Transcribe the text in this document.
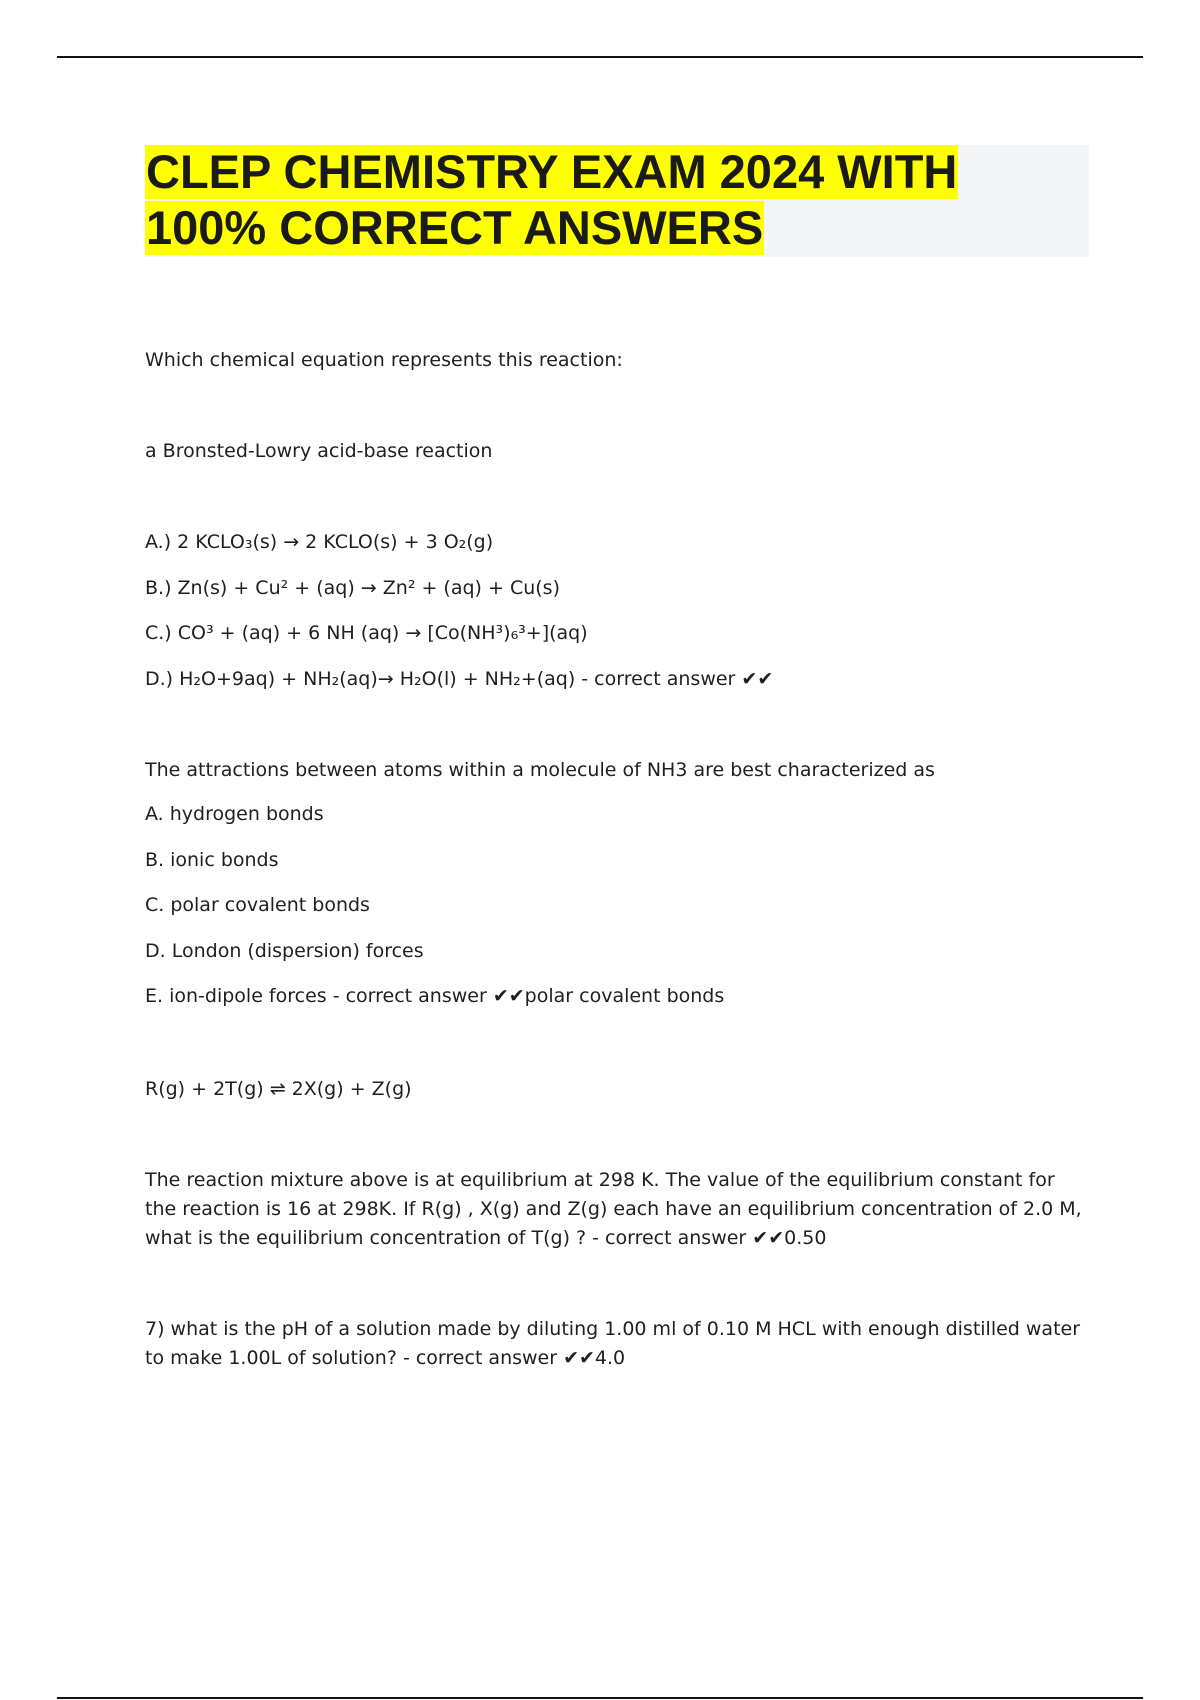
CLEP CHEMISTRY EXAM 2024 WITH
100% CORRECT ANSWERS

Which chemical equation represents this reaction:

a Bronsted-Lowry acid-base reaction

A.) 2 KCLO₃(s) → 2 KCLO(s) + 3 O₂(g)

B.) Zn(s) + Cu² + (aq) → Zn² + (aq) + Cu(s)

C.) CO³ + (aq) + 6 NH (aq) → [Co(NH³)₆³+](aq)

D.) H₂O+9aq) + NH₂(aq)→ H₂O(l) + NH₂+(aq) - correct answer ✔✔

The attractions between atoms within a molecule of NH3 are best characterized as

A. hydrogen bonds

B. ionic bonds

C. polar covalent bonds

D. London (dispersion) forces

E. ion-dipole forces - correct answer ✔✔polar covalent bonds

R(g) + 2T(g) ⇌ 2X(g) + Z(g)

The reaction mixture above is at equilibrium at 298 K. The value of the equilibrium constant for the reaction is 16 at 298K. If R(g) , X(g) and Z(g) each have an equilibrium concentration of 2.0 M, what is the equilibrium concentration of T(g) ? - correct answer ✔✔0.50

7) what is the pH of a solution made by diluting 1.00 ml of 0.10 M HCL with enough distilled water to make 1.00L of solution? - correct answer ✔✔4.0
